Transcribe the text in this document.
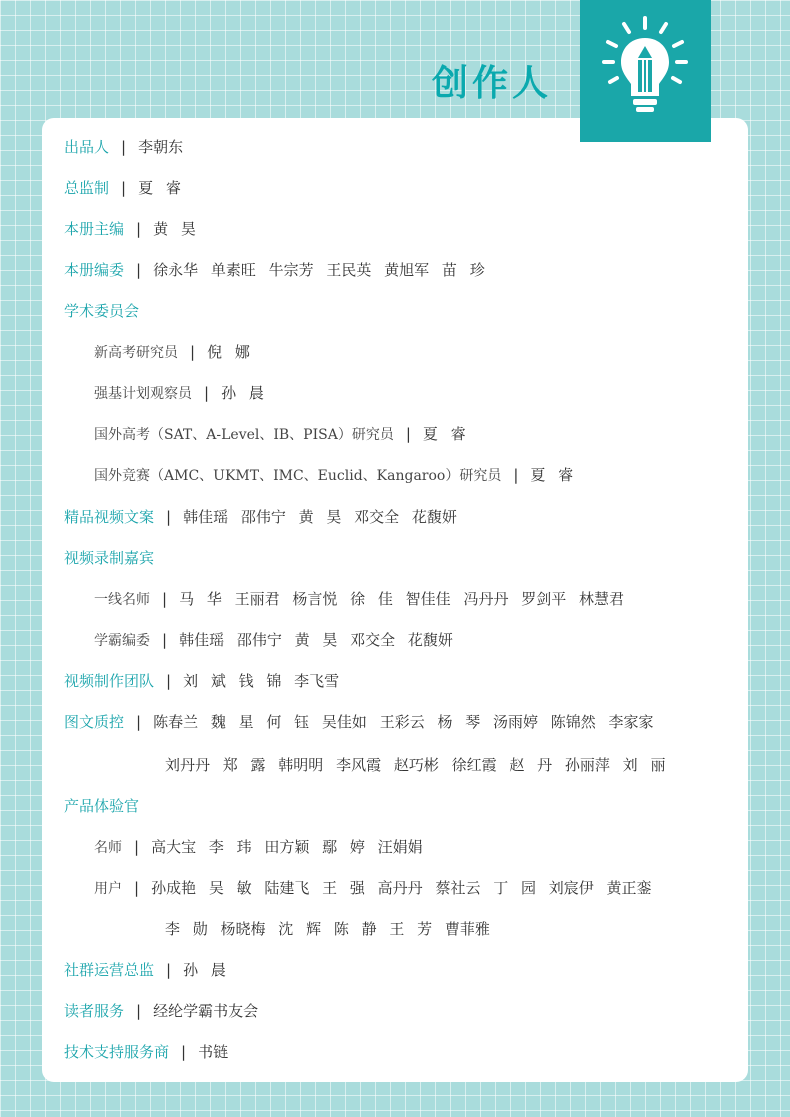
创作人
出品人 | 李朝东
总监制 | 夏 睿
本册主编 | 黄 昊
本册编委 | 徐永华 单素旺 牛宗芳 王民英 黄旭军 苗 珍
学术委员会
新高考研究员 | 倪 娜
强基计划观察员 | 孙 晨
国外高考（SAT、A-Level、IB、PISA）研究员 | 夏 睿
国外竞赛（AMC、UKMT、IMC、Euclid、Kangaroo）研究员 | 夏 睿
精品视频文案 | 韩佳瑶 邵伟宁 黄 昊 邓交全 花馥妍
视频录制嘉宾
一线名师 | 马 华 王丽君 杨言悦 徐 佳 智佳佳 冯丹丹 罗剑平 林慧君
学霸编委 | 韩佳瑶 邵伟宁 黄 昊 邓交全 花馥妍
视频制作团队 | 刘 斌 钱 锦 李飞雪
图文质控 | 陈春兰 魏 星 何 钰 吴佳如 王彩云 杨 琴 汤雨婷 陈锦然 李家家
刘丹丹 郑 露 韩明明 李风霞 赵巧彬 徐红霞 赵 丹 孙丽萍 刘 丽
产品体验官
名师 | 高大宝 李 玮 田方颖 鄢 婷 汪娟娟
用户 | 孙成艳 吴 敏 陆建飞 王 强 高丹丹 蔡社云 丁 园 刘宸伊 黄正銮
李 勋 杨晓梅 沈 辉 陈 静 王 芳 曹菲雅
社群运营总监 | 孙 晨
读者服务 | 经纶学霸书友会
技术支持服务商 | 书链
